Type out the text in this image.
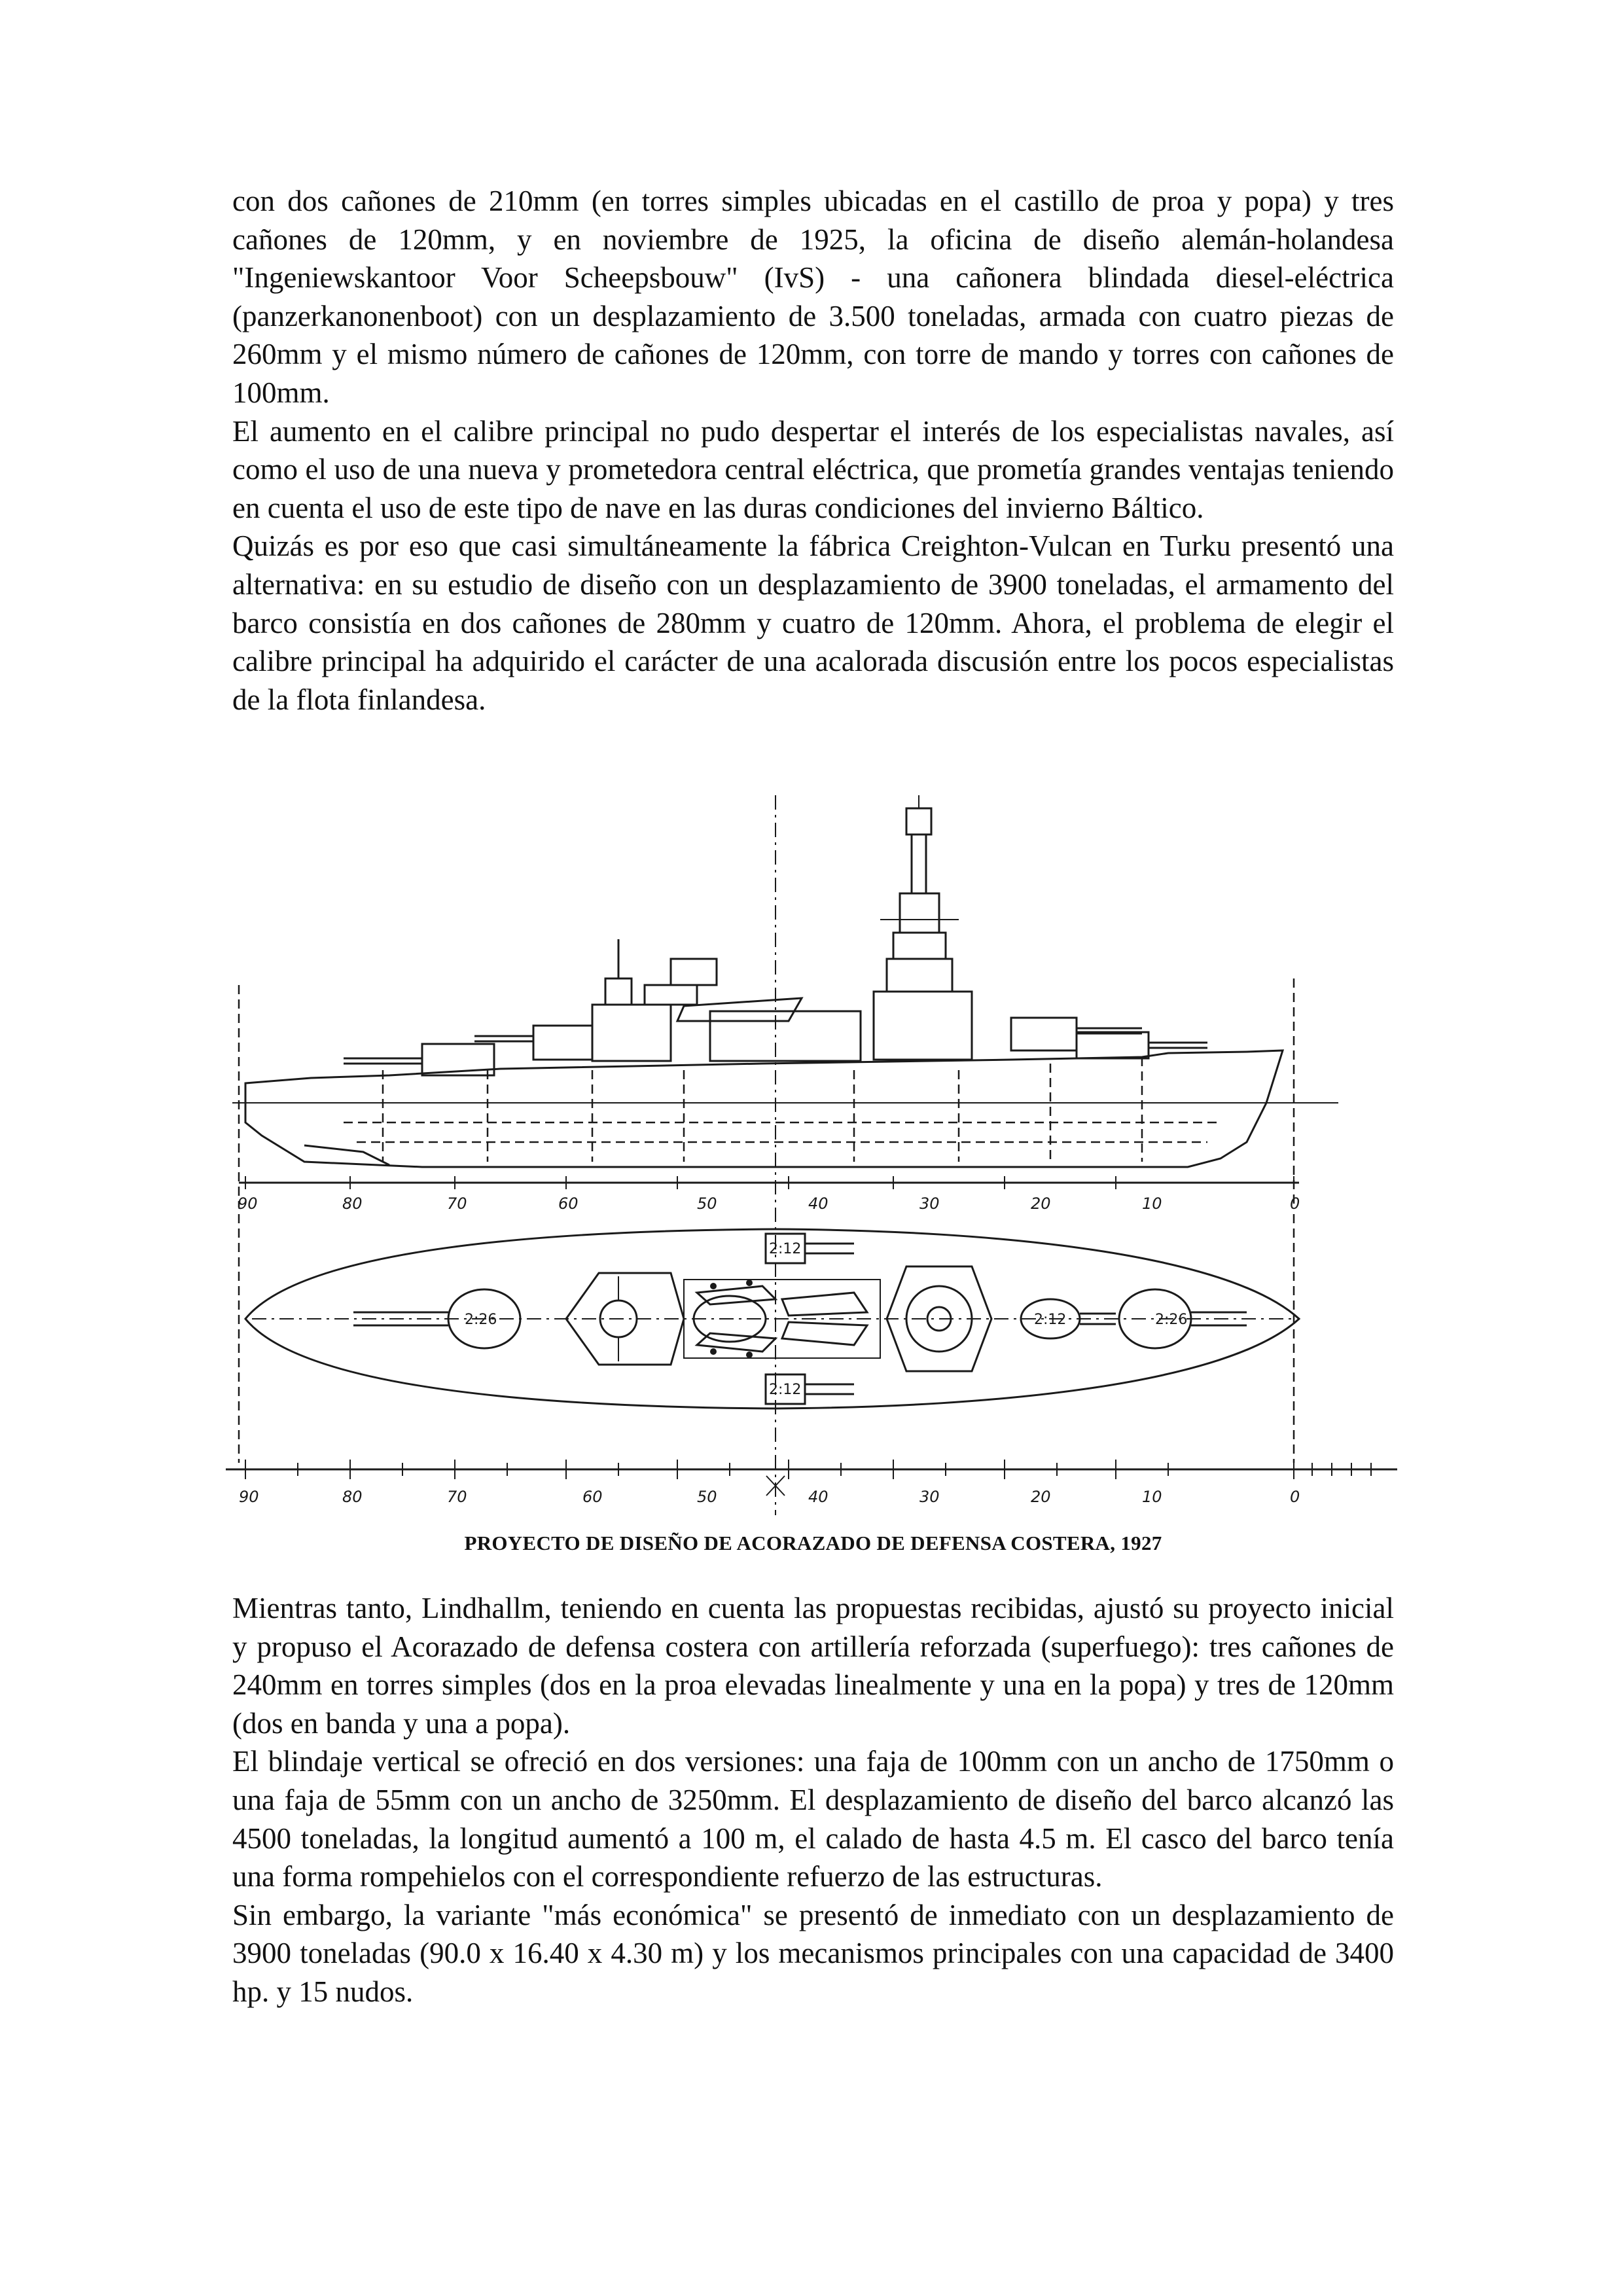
con dos cañones de 210mm (en torres simples ubicadas en el castillo de proa y popa) y tres cañones de 120mm, y en noviembre de 1925, la oficina de diseño alemán-holandesa "Ingeniewskantoor Voor Scheepsbouw" (IvS) - una cañonera blindada diesel-eléctrica (panzerkanonenboot) con un desplazamiento de 3.500 toneladas, armada con cuatro piezas de 260mm y el mismo número de cañones de 120mm, con torre de mando y torres con cañones de 100mm.

El aumento en el calibre principal no pudo despertar el interés de los especialistas navales, así como el uso de una nueva y prometedora central eléctrica, que prometía grandes ventajas teniendo en cuenta el uso de este tipo de nave en las duras condiciones del invierno Báltico.

Quizás es por eso que casi simultáneamente la fábrica Creighton-Vulcan en Turku presentó una alternativa: en su estudio de diseño con un desplazamiento de 3900 toneladas, el armamento del barco consistía en dos cañones de 280mm y cuatro de 120mm. Ahora, el problema de elegir el calibre principal ha adquirido el carácter de una acalorada discusión entre los pocos especialistas de la flota finlandesa.

90	80	70	60	50	40	30	20	10	0
2:26
2:12
2:12
2:12	2:26
90	80	70	60	50	40	30	20	10	0
PROYECTO DE DISEÑO DE ACORAZADO DE DEFENSA COSTERA, 1927

Mientras tanto, Lindhallm, teniendo en cuenta las propuestas recibidas, ajustó su proyecto inicial y propuso el Acorazado de defensa costera con artillería reforzada (superfuego): tres cañones de 240mm en torres simples (dos en la proa elevadas linealmente y una en la popa) y tres de 120mm (dos en banda y una a popa).

El blindaje vertical se ofreció en dos versiones: una faja de 100mm con un ancho de 1750mm o una faja de 55mm con un ancho de 3250mm. El desplazamiento de diseño del barco alcanzó las 4500 toneladas, la longitud aumentó a 100 m, el calado de hasta 4.5 m. El casco del barco tenía una forma rompehielos con el correspondiente refuerzo de las estructuras.

Sin embargo, la variante "más económica" se presentó de inmediato con un desplazamiento de 3900 toneladas (90.0 x 16.40 x 4.30 m) y los mecanismos principales con una capacidad de 3400 hp. y 15 nudos.
